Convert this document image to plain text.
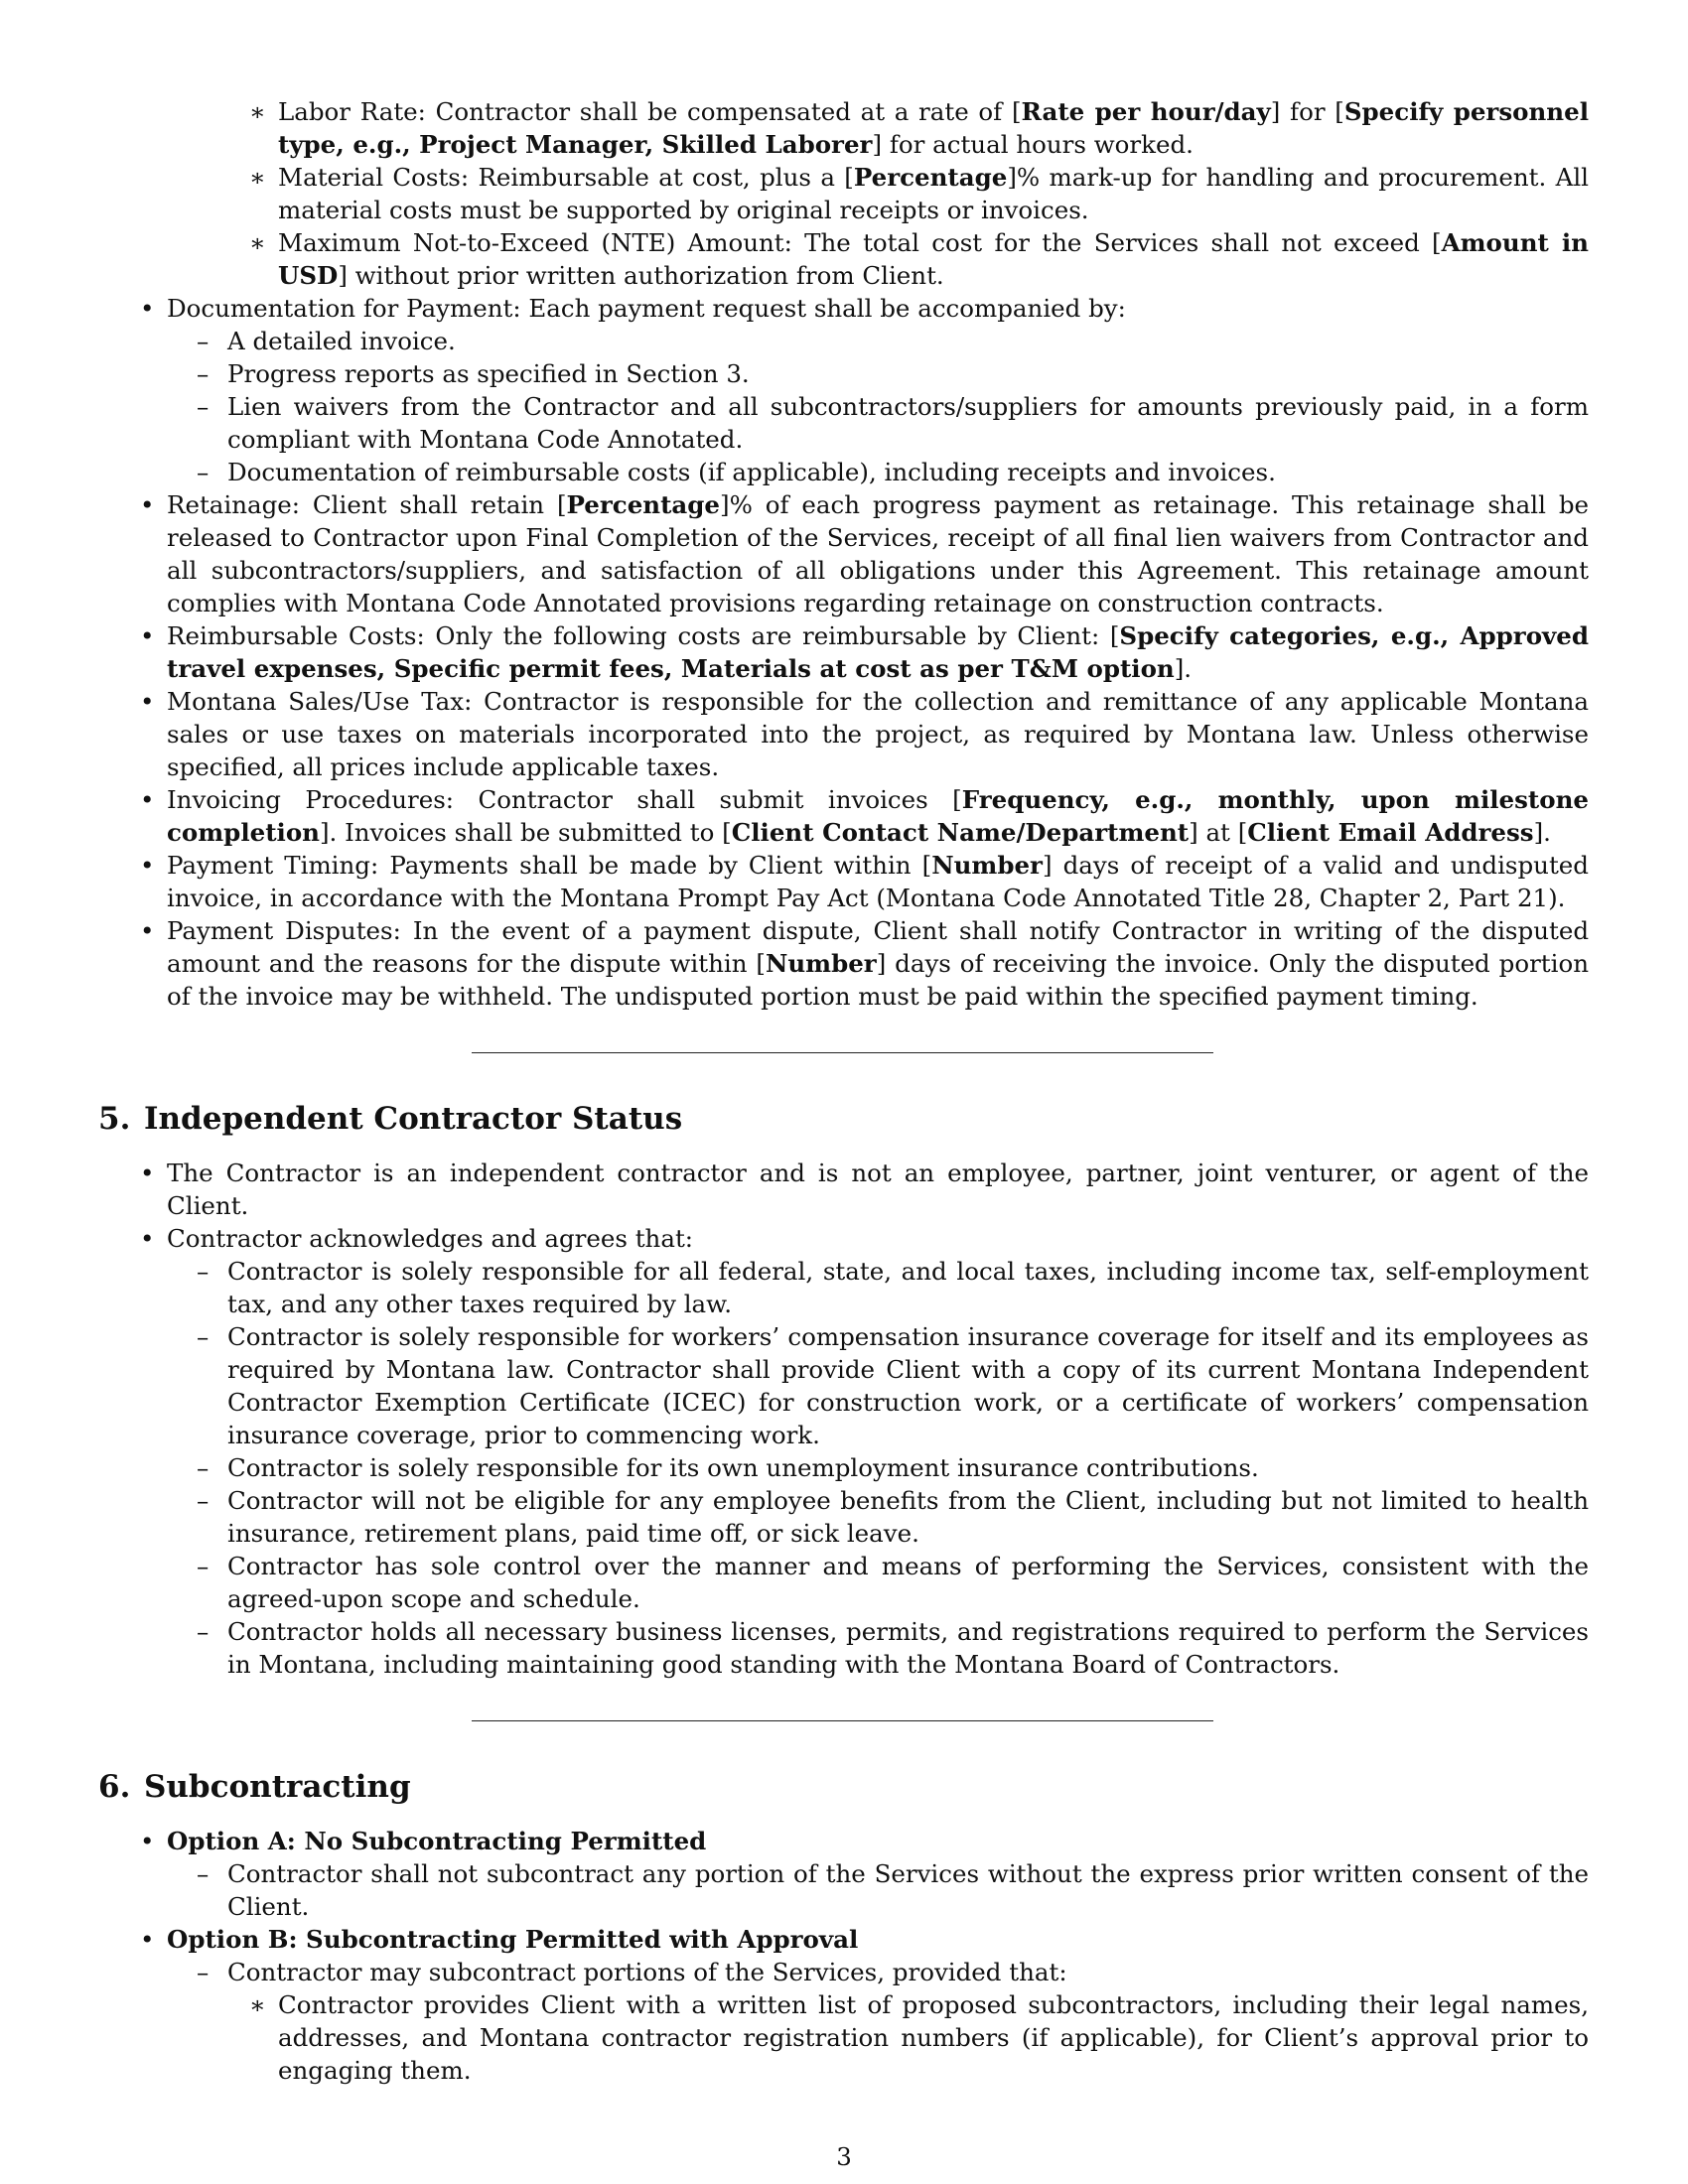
∗ Labor Rate: Contractor shall be compensated at a rate of [Rate per hour/day] for [Specify personnel type, e.g., Project Manager, Skilled Laborer] for actual hours worked.
∗ Material Costs: Reimbursable at cost, plus a [Percentage]% mark-up for handling and procurement. All material costs must be supported by original receipts or invoices.
∗ Maximum Not-to-Exceed (NTE) Amount: The total cost for the Services shall not exceed [Amount in USD] without prior written authorization from Client.
• Documentation for Payment: Each payment request shall be accompanied by:
– A detailed invoice.
– Progress reports as specified in Section 3.
– Lien waivers from the Contractor and all subcontractors/suppliers for amounts previously paid, in a form compliant with Montana Code Annotated.
– Documentation of reimbursable costs (if applicable), including receipts and invoices.
• Retainage: Client shall retain [Percentage]% of each progress payment as retainage. This retainage shall be released to Contractor upon Final Completion of the Services, receipt of all final lien waivers from Contractor and all subcontractors/suppliers, and satisfaction of all obligations under this Agreement. This retainage amount complies with Montana Code Annotated provisions regarding retainage on construction contracts.
• Reimbursable Costs: Only the following costs are reimbursable by Client: [Specify categories, e.g., Approved travel expenses, Specific permit fees, Materials at cost as per T&M option].
• Montana Sales/Use Tax: Contractor is responsible for the collection and remittance of any applicable Montana sales or use taxes on materials incorporated into the project, as required by Montana law. Unless otherwise specified, all prices include applicable taxes.
• Invoicing Procedures: Contractor shall submit invoices [Frequency, e.g., monthly, upon milestone completion]. Invoices shall be submitted to [Client Contact Name/Department] at [Client Email Address].
• Payment Timing: Payments shall be made by Client within [Number] days of receipt of a valid and undisputed invoice, in accordance with the Montana Prompt Pay Act (Montana Code Annotated Title 28, Chapter 2, Part 21).
• Payment Disputes: In the event of a payment dispute, Client shall notify Contractor in writing of the disputed amount and the reasons for the dispute within [Number] days of receiving the invoice. Only the disputed portion of the invoice may be withheld. The undisputed portion must be paid within the specified payment timing.
5. Independent Contractor Status
• The Contractor is an independent contractor and is not an employee, partner, joint venturer, or agent of the Client.
• Contractor acknowledges and agrees that:
– Contractor is solely responsible for all federal, state, and local taxes, including income tax, self-employment tax, and any other taxes required by law.
– Contractor is solely responsible for workers’ compensation insurance coverage for itself and its employees as required by Montana law. Contractor shall provide Client with a copy of its current Montana Independent Contractor Exemption Certificate (ICEC) for construction work, or a certificate of workers’ compensation insurance coverage, prior to commencing work.
– Contractor is solely responsible for its own unemployment insurance contributions.
– Contractor will not be eligible for any employee benefits from the Client, including but not limited to health insurance, retirement plans, paid time off, or sick leave.
– Contractor has sole control over the manner and means of performing the Services, consistent with the agreed-upon scope and schedule.
– Contractor holds all necessary business licenses, permits, and registrations required to perform the Services in Montana, including maintaining good standing with the Montana Board of Contractors.
6. Subcontracting
• Option A: No Subcontracting Permitted
– Contractor shall not subcontract any portion of the Services without the express prior written consent of the Client.
• Option B: Subcontracting Permitted with Approval
– Contractor may subcontract portions of the Services, provided that:
∗ Contractor provides Client with a written list of proposed subcontractors, including their legal names, addresses, and Montana contractor registration numbers (if applicable), for Client’s approval prior to engaging them.
3
